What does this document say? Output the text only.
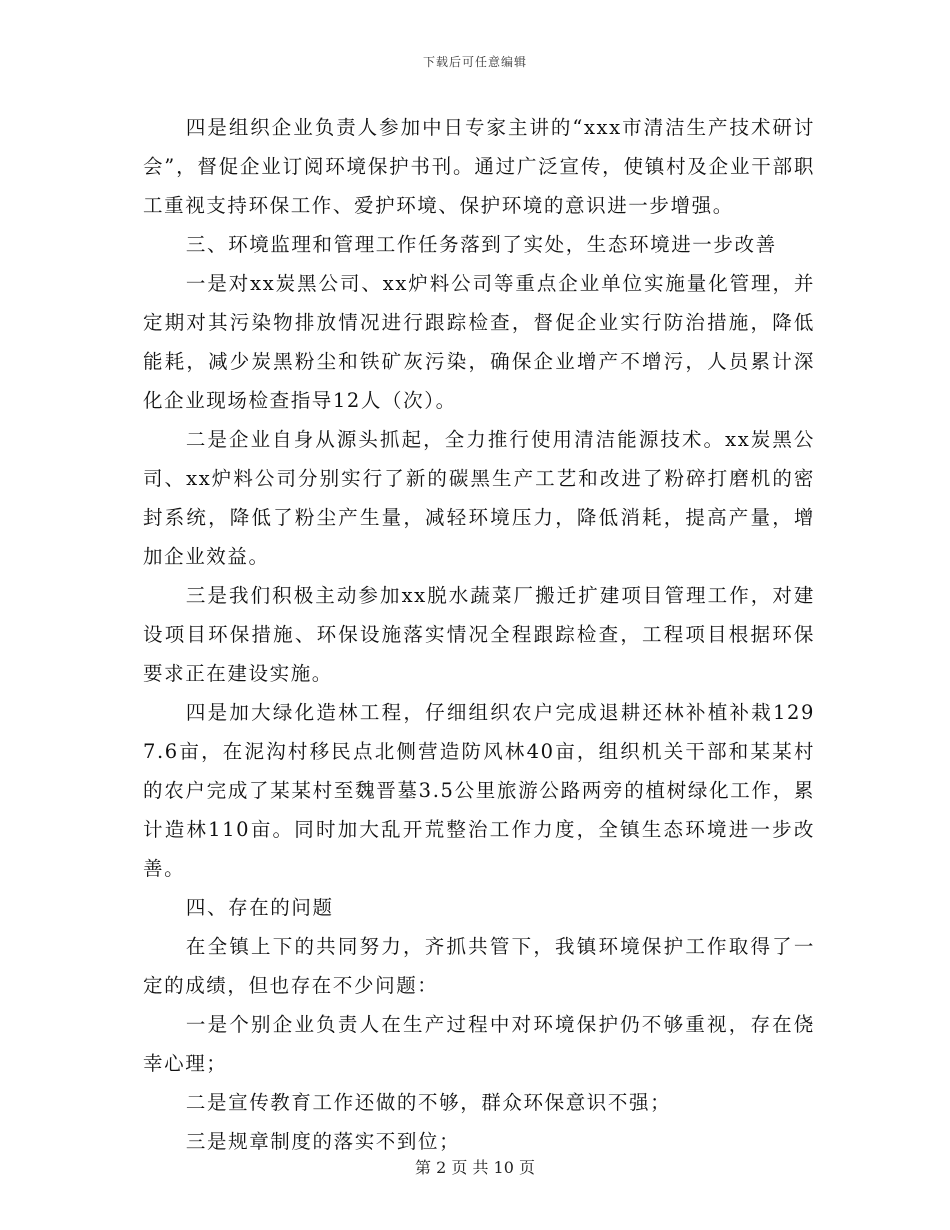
下载后可任意编辑

四是组织企业负责人参加中日专家主讲的“xxx市清洁生产技术研讨会”，督促企业订阅环境保护书刊。通过广泛宣传，使镇村及企业干部职工重视支持环保工作、爱护环境、保护环境的意识进一步增强。

三、环境监理和管理工作任务落到了实处，生态环境进一步改善

一是对xx炭黑公司、xx炉料公司等重点企业单位实施量化管理，并定期对其污染物排放情况进行跟踪检查，督促企业实行防治措施，降低能耗，减少炭黑粉尘和铁矿灰污染，确保企业增产不增污，人员累计深化企业现场检查指导12人（次）。

二是企业自身从源头抓起，全力推行使用清洁能源技术。xx炭黑公司、xx炉料公司分别实行了新的碳黑生产工艺和改进了粉碎打磨机的密封系统，降低了粉尘产生量，减轻环境压力，降低消耗，提高产量，增加企业效益。

三是我们积极主动参加xx脱水蔬菜厂搬迁扩建项目管理工作，对建设项目环保措施、环保设施落实情况全程跟踪检查，工程项目根据环保要求正在建设实施。

四是加大绿化造林工程，仔细组织农户完成退耕还林补植补栽1297.6亩，在泥沟村移民点北侧营造防风林40亩，组织机关干部和某某村的农户完成了某某村至魏晋墓3.5公里旅游公路两旁的植树绿化工作，累计造林110亩。同时加大乱开荒整治工作力度，全镇生态环境进一步改善。

四、存在的问题

在全镇上下的共同努力，齐抓共管下，我镇环境保护工作取得了一定的成绩，但也存在不少问题：

一是个别企业负责人在生产过程中对环境保护仍不够重视，存在侥幸心理；

二是宣传教育工作还做的不够，群众环保意识不强；

三是规章制度的落实不到位；

第 2 页 共 10 页
